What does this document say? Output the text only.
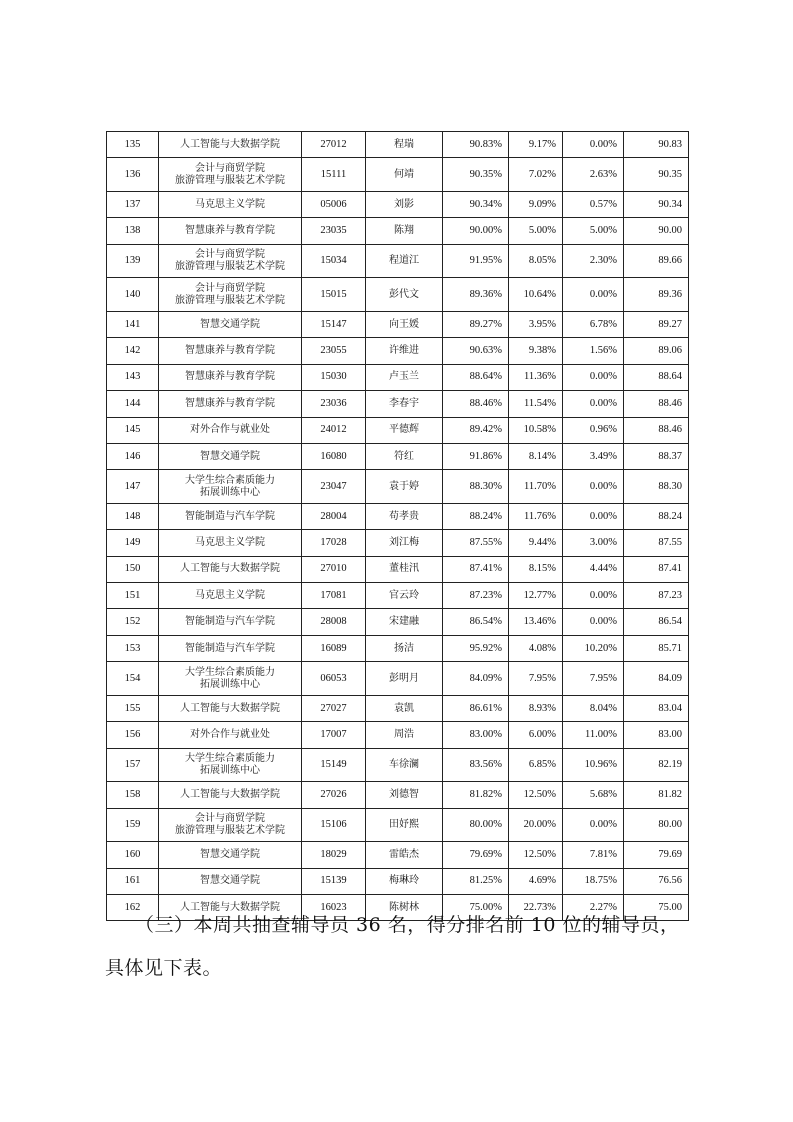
135	人工智能与大数据学院	27012	程瑞	90.83%	9.17%	0.00%	90.83
136	会计与商贸学院
旅游管理与服装艺术学院	15111	何靖	90.35%	7.02%	2.63%	90.35
137	马克思主义学院	05006	刘影	90.34%	9.09%	0.57%	90.34
138	智慧康养与教育学院	23035	陈翔	90.00%	5.00%	5.00%	90.00
139	会计与商贸学院
旅游管理与服装艺术学院	15034	程道江	91.95%	8.05%	2.30%	89.66
140	会计与商贸学院
旅游管理与服装艺术学院	15015	彭代文	89.36%	10.64%	0.00%	89.36
141	智慧交通学院	15147	向王媛	89.27%	3.95%	6.78%	89.27
142	智慧康养与教育学院	23055	许维进	90.63%	9.38%	1.56%	89.06
143	智慧康养与教育学院	15030	卢玉兰	88.64%	11.36%	0.00%	88.64
144	智慧康养与教育学院	23036	李春宇	88.46%	11.54%	0.00%	88.46
145	对外合作与就业处	24012	平德辉	89.42%	10.58%	0.96%	88.46
146	智慧交通学院	16080	符红	91.86%	8.14%	3.49%	88.37
147	大学生综合素质能力
拓展训练中心	23047	袁于婷	88.30%	11.70%	0.00%	88.30
148	智能制造与汽车学院	28004	苟孝贵	88.24%	11.76%	0.00%	88.24
149	马克思主义学院	17028	刘江梅	87.55%	9.44%	3.00%	87.55
150	人工智能与大数据学院	27010	董桂汛	87.41%	8.15%	4.44%	87.41
151	马克思主义学院	17081	官云玲	87.23%	12.77%	0.00%	87.23
152	智能制造与汽车学院	28008	宋建融	86.54%	13.46%	0.00%	86.54
153	智能制造与汽车学院	16089	扬洁	95.92%	4.08%	10.20%	85.71
154	大学生综合素质能力
拓展训练中心	06053	彭明月	84.09%	7.95%	7.95%	84.09
155	人工智能与大数据学院	27027	袁凯	86.61%	8.93%	8.04%	83.04
156	对外合作与就业处	17007	周浩	83.00%	6.00%	11.00%	83.00
157	大学生综合素质能力
拓展训练中心	15149	车徐澜	83.56%	6.85%	10.96%	82.19
158	人工智能与大数据学院	27026	刘德智	81.82%	12.50%	5.68%	81.82
159	会计与商贸学院
旅游管理与服装艺术学院	15106	田妤熙	80.00%	20.00%	0.00%	80.00
160	智慧交通学院	18029	雷皓杰	79.69%	12.50%	7.81%	79.69
161	智慧交通学院	15139	梅琳玲	81.25%	4.69%	18.75%	76.56
162	人工智能与大数据学院	16023	陈树林	75.00%	22.73%	2.27%	75.00
（三）本周共抽查辅导员 36 名，得分排名前 10 位的辅导员，
具体见下表。
